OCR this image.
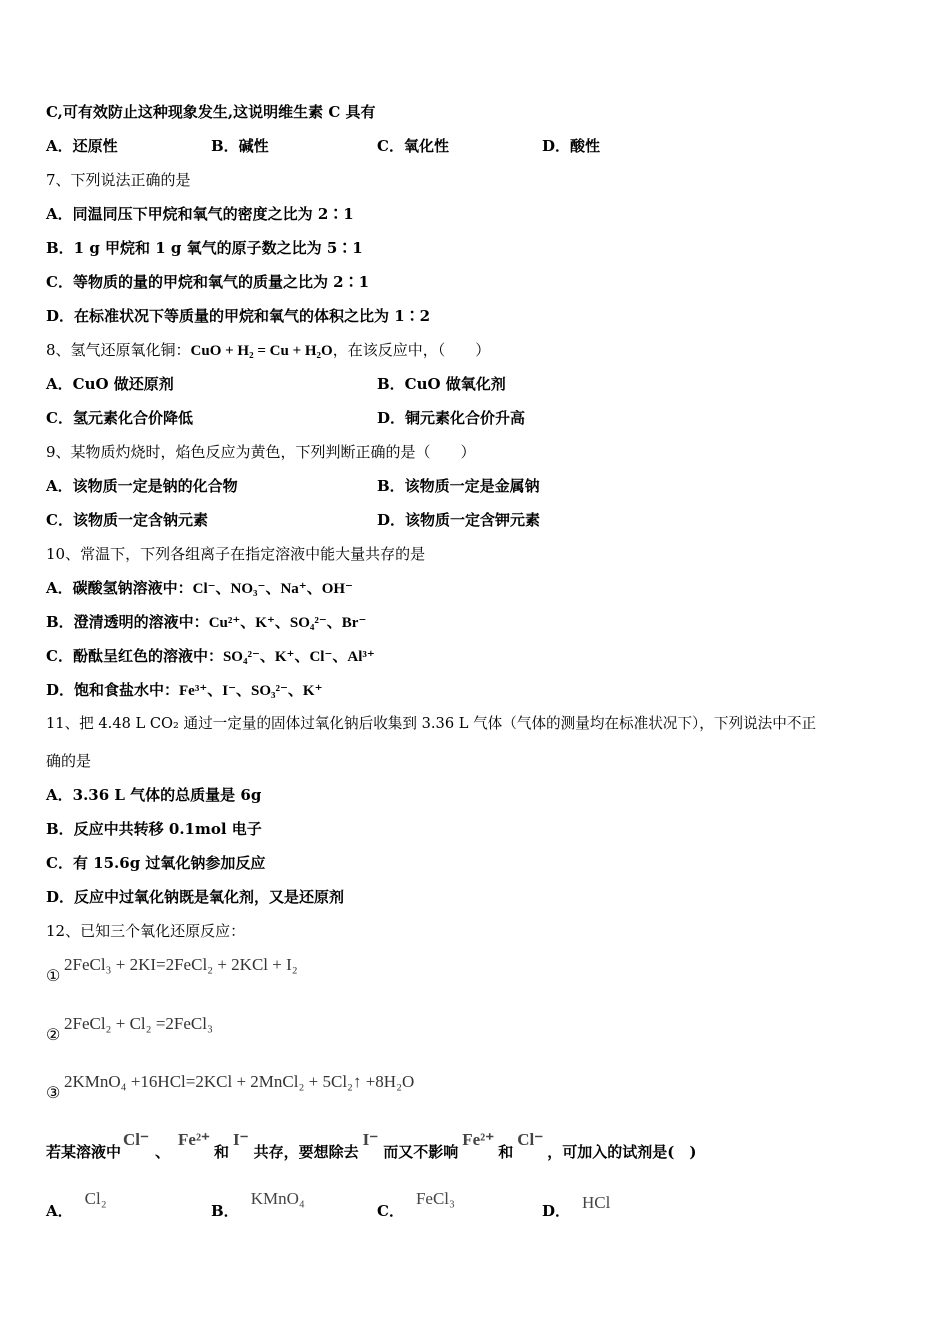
C,可有效防止这种现象发生,这说明维生素 C 具有
A．还原性	B．碱性	C．氧化性	D．酸性
7、下列说法正确的是
A．同温同压下甲烷和氧气的密度之比为 2∶1
B．1 g 甲烷和 1 g 氧气的原子数之比为 5∶1
C．等物质的量的甲烷和氧气的质量之比为 2∶1
D．在标准状况下等质量的甲烷和氧气的体积之比为 1∶2
8、氢气还原氧化铜：CuO + H₂ = Cu + H₂O，在该反应中，（　　）
A．CuO 做还原剂	B．CuO 做氧化剂
C．氢元素化合价降低	D．铜元素化合价升高
9、某物质灼烧时，焰色反应为黄色，下列判断正确的是（　　）
A．该物质一定是钠的化合物	B．该物质一定是金属钠
C．该物质一定含钠元素	D．该物质一定含钾元素
10、常温下，下列各组离子在指定溶液中能大量共存的是
A．碳酸氢钠溶液中：Cl⁻、NO₃⁻、Na⁺、OH⁻
B．澄清透明的溶液中：Cu²⁺、K⁺、SO₄²⁻、Br⁻
C．酚酞呈红色的溶液中：SO₄²⁻、K⁺、Cl⁻、Al³⁺
D．饱和食盐水中：Fe³⁺、I⁻、SO₃²⁻、K⁺
11、把 4.48 L CO₂ 通过一定量的固体过氧化钠后收集到 3.36 L 气体（气体的测量均在标准状况下），下列说法中不正
确的是
A．3.36 L 气体的总质量是 6g
B．反应中共转移 0.1mol 电子
C．有 15.6g 过氧化钠参加反应
D．反应中过氧化钠既是氧化剂，又是还原剂
12、已知三个氧化还原反应：
①
2FeCl₃ + 2KI=2FeCl₂ + 2KCl + I₂
②
2FeCl₂ + Cl₂ =2FeCl₃
③
2KMnO₄ +16HCl=2KCl + 2MnCl₂ + 5Cl₂↑ +8H₂O
若某溶液中Cl⁻、Fe²⁺和I⁻共存，要想除去I⁻而又不影响Fe²⁺和Cl⁻，可加入的试剂是(　)
A．Cl₂
B．KMnO₄
C．FeCl₃
D． HCl
